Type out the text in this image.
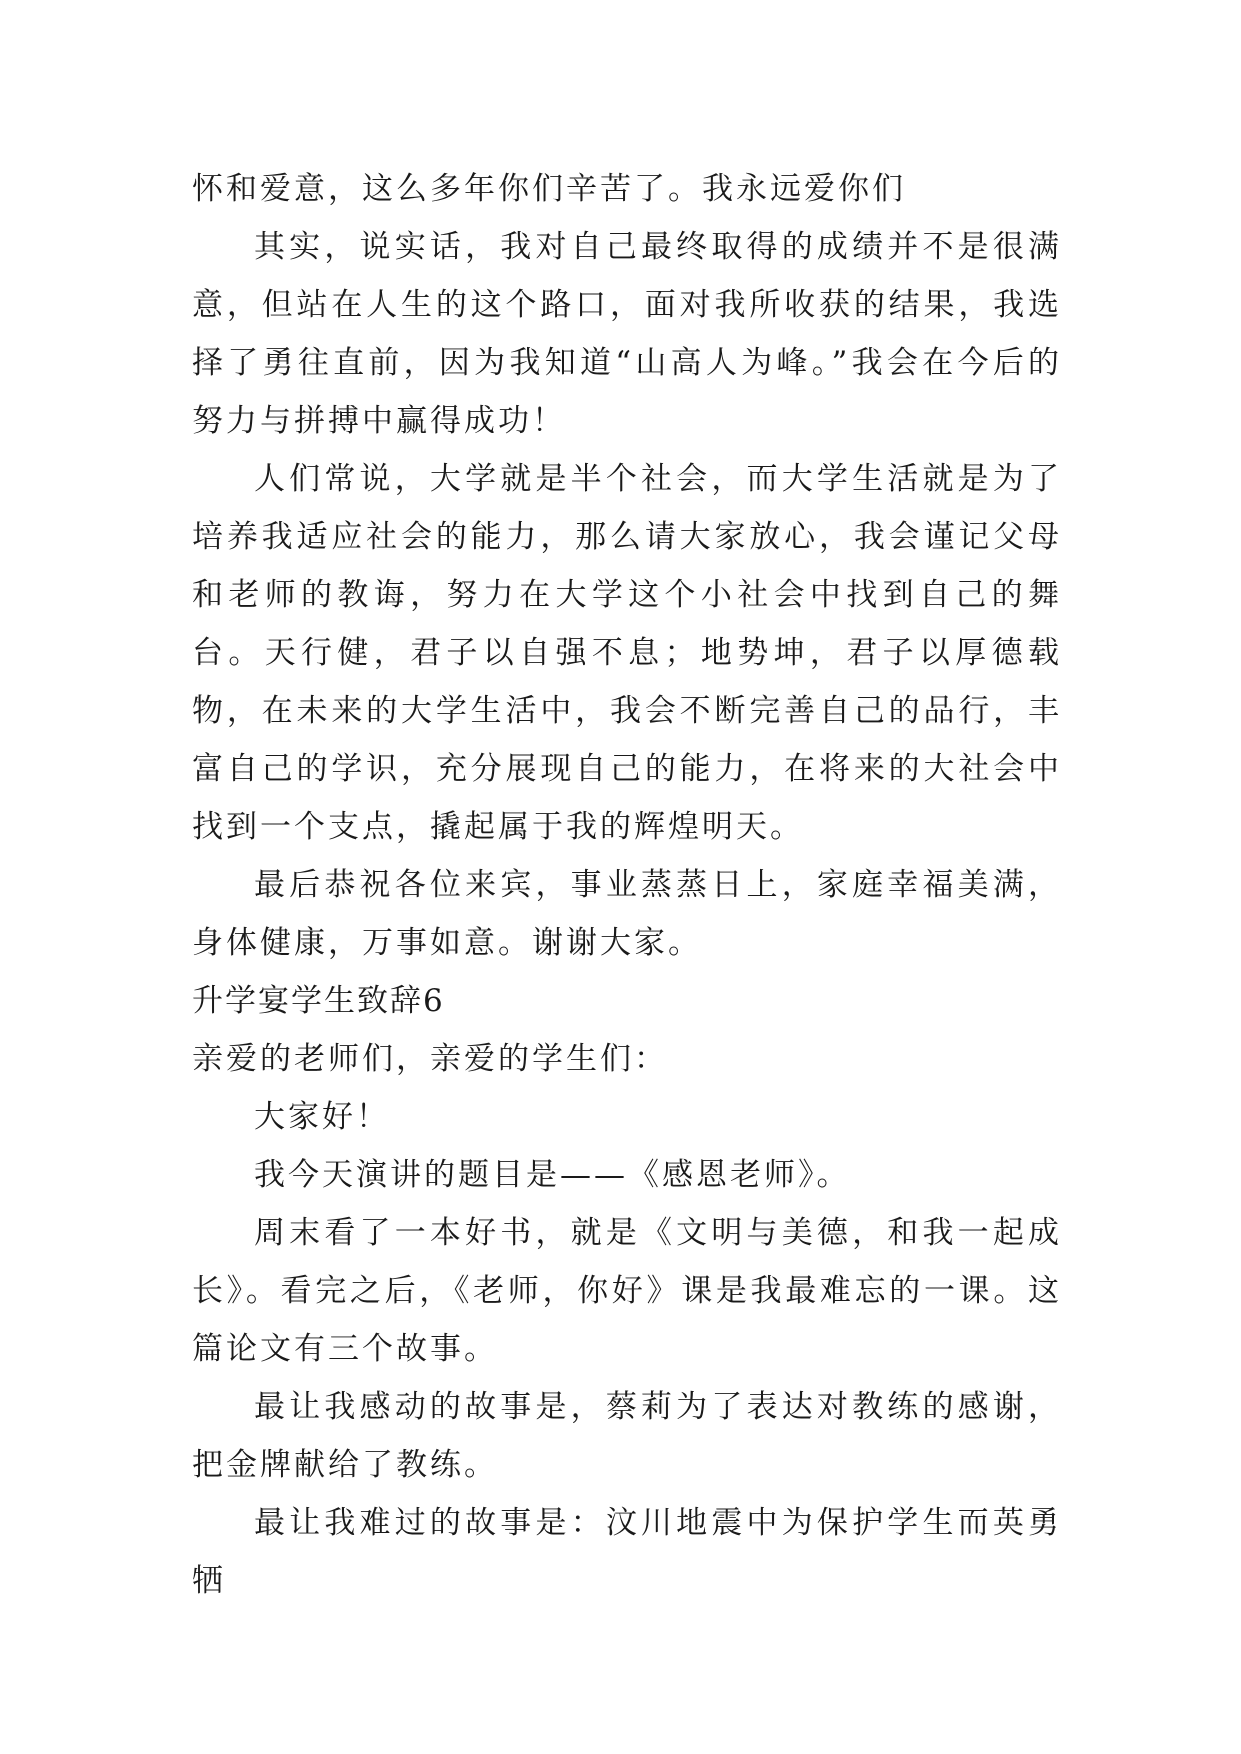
怀和爱意，这么多年你们辛苦了。我永远爱你们

其实，说实话，我对自己最终取得的成绩并不是很满意，但站在人生的这个路口，面对我所收获的结果，我选择了勇往直前，因为我知道“山高人为峰。”我会在今后的努力与拼搏中赢得成功！

人们常说，大学就是半个社会，而大学生活就是为了培养我适应社会的能力，那么请大家放心，我会谨记父母和老师的教诲，努力在大学这个小社会中找到自己的舞台。天行健，君子以自强不息；地势坤，君子以厚德载物，在未来的大学生活中，我会不断完善自己的品行，丰富自己的学识，充分展现自己的能力，在将来的大社会中找到一个支点，撬起属于我的辉煌明天。

最后恭祝各位来宾，事业蒸蒸日上，家庭幸福美满，身体健康，万事如意。谢谢大家。

升学宴学生致辞6

亲爱的老师们，亲爱的学生们：

大家好！

我今天演讲的题目是——《感恩老师》。

周末看了一本好书，就是《文明与美德，和我一起成长》。看完之后，《老师，你好》课是我最难忘的一课。这篇论文有三个故事。

最让我感动的故事是，蔡莉为了表达对教练的感谢，把金牌献给了教练。

最让我难过的故事是：汶川地震中为保护学生而英勇牺
